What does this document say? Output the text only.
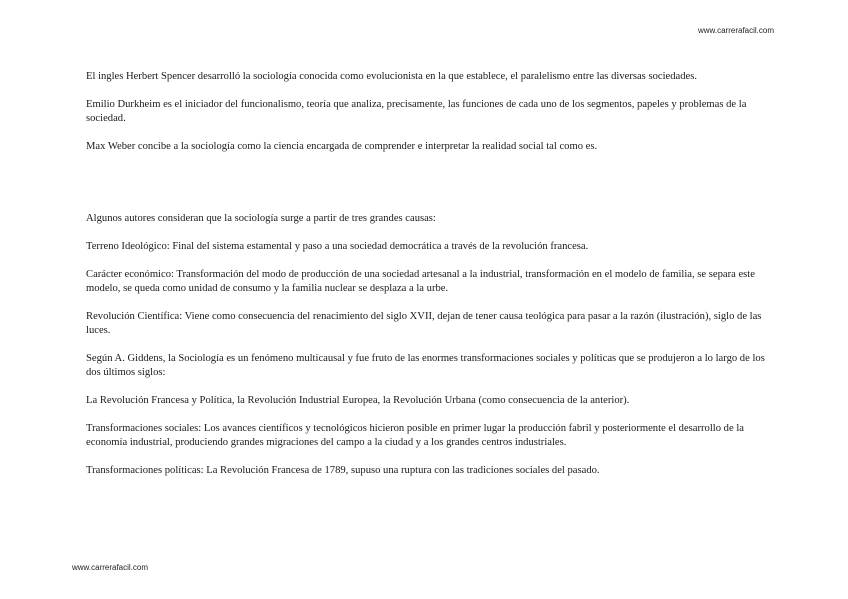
www.carrerafacil.com

El ingles Herbert Spencer desarrolló la sociología conocida como evolucionista en la que establece, el paralelismo entre las diversas sociedades.

Emilio Durkheim es el iniciador del funcionalismo, teoría que analiza, precisamente, las funciones de cada uno de los segmentos, papeles y problemas de la sociedad.

Max Weber concibe a la sociología como la ciencia encargada de comprender e interpretar la realidad social tal como es.

Algunos autores consideran que la sociología surge a partir de tres grandes causas:

Terreno Ideológico: Final del sistema estamental y paso a una sociedad democrática a través de la revolución francesa.

Carácter económico: Transformación del modo de producción de una sociedad artesanal a la industrial, transformación en el modelo de familia, se separa este modelo, se queda como unidad de consumo y la familia nuclear se desplaza a la urbe.

Revolución Científica: Viene como consecuencia del renacimiento del siglo XVII, dejan de tener causa teológica para pasar a la razón (ilustración), siglo de las luces.

Según A. Giddens, la Sociología es un fenómeno multicausal y fue fruto de las enormes transformaciones sociales y políticas que se produjeron a lo largo de los dos últimos siglos:

La Revolución Francesa y Política, la Revolución Industrial Europea, la Revolución Urbana (como consecuencia de la anterior).

Transformaciones sociales: Los avances científicos y tecnológicos hicieron posible en primer lugar la producción fabril y posteriormente el desarrollo de la economía industrial, produciendo grandes migraciones del campo a la ciudad y a los grandes centros industriales.

Transformaciones políticas: La Revolución Francesa de 1789, supuso una ruptura con las tradiciones sociales del pasado.

www.carrerafacil.com
